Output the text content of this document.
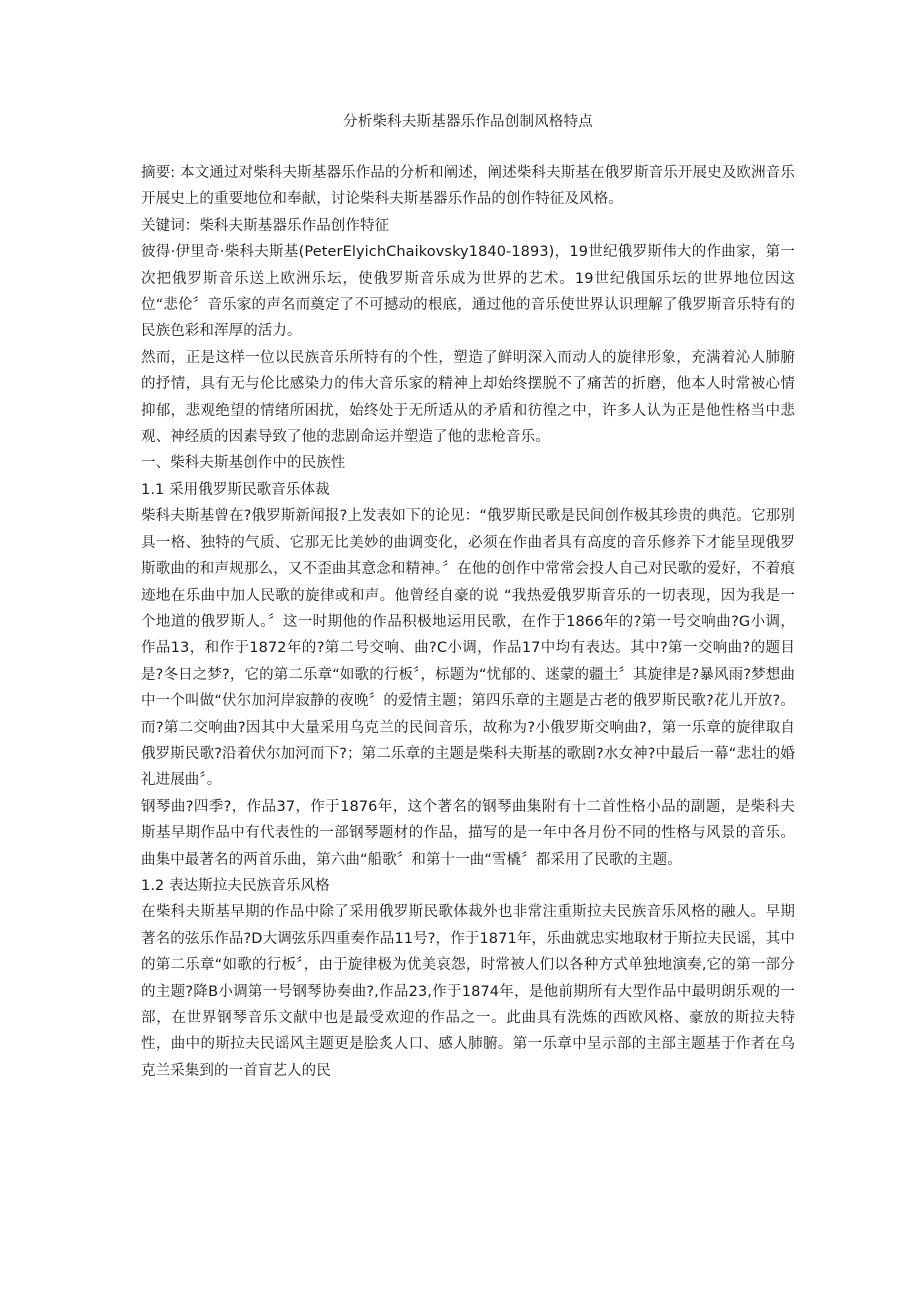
分析柴科夫斯基器乐作品创制风格特点

摘要: 本文通过对柴科夫斯基器乐作品的分析和阐述，阐述柴科夫斯基在俄罗斯音乐开展史及欧洲音乐开展史上的重要地位和奉献，讨论柴科夫斯基器乐作品的创作特征及风格。

关键词：柴科夫斯基器乐作品创作特征

彼得·伊里奇·柴科夫斯基(PeterElyichChaikovsky1840-1893)，19世纪俄罗斯伟大的作曲家，第一次把俄罗斯音乐送上欧洲乐坛，使俄罗斯音乐成为世界的艺术。19世纪俄国乐坛的世界地位因这位“悲伦〞音乐家的声名而奠定了不可撼动的根底，通过他的音乐使世界认识理解了俄罗斯音乐特有的民族色彩和浑厚的活力。

然而，正是这样一位以民族音乐所特有的个性，塑造了鲜明深入而动人的旋律形象，充满着沁人肺腑的抒情，具有无与伦比感染力的伟大音乐家的精神上却始终摆脱不了痛苦的折磨，他本人时常被心情抑郁，悲观绝望的情绪所困扰，始终处于无所适从的矛盾和彷徨之中，许多人认为正是他性格当中悲观、神经质的因素导致了他的悲剧命运并塑造了他的悲枪音乐。

一、柴科夫斯基创作中的民族性

1.1 采用俄罗斯民歌音乐体裁

柴科夫斯基曾在?俄罗斯新闻报?上发表如下的论见：“俄罗斯民歌是民间创作极其珍贵的典范。它那别具一格、独特的气质、它那无比美妙的曲调变化，必须在作曲者具有高度的音乐修养下才能呈现俄罗斯歌曲的和声规那么，又不歪曲其意念和精神。〞在他的创作中常常会投人自己对民歌的爱好，不着痕迹地在乐曲中加人民歌的旋律或和声。他曾经自豪的说 “我热爱俄罗斯音乐的一切表现，因为我是一个地道的俄罗斯人。〞这一时期他的作品积极地运用民歌，在作于1866年的?第一号交响曲?G小调，作品13，和作于1872年的?第二号交响、曲?C小调，作品17中均有表达。其中?第一交响曲?的题目是?冬日之梦?，它的第二乐章“如歌的行板〞，标题为“忧郁的、迷蒙的疆土〞其旋律是?暴风雨?梦想曲中一个叫做“伏尔加河岸寂静的夜晚〞的爱情主题；第四乐章的主题是古老的俄罗斯民歌?花儿开放?。而?第二交响曲?因其中大量采用乌克兰的民间音乐，故称为?小俄罗斯交响曲?，第一乐章的旋律取自俄罗斯民歌?沿着伏尔加河而下?；第二乐章的主题是柴科夫斯基的歌剧?水女神?中最后一幕“悲壮的婚礼进展曲〞。

钢琴曲?四季?，作品37，作于1876年，这个著名的钢琴曲集附有十二首性格小品的副题，是柴科夫斯基早期作品中有代表性的一部钢琴题材的作品，描写的是一年中各月份不同的性格与风景的音乐。曲集中最著名的两首乐曲，第六曲“船歌〞和第十一曲“雪橇〞都采用了民歌的主题。

1.2 表达斯拉夫民族音乐风格

在柴科夫斯基早期的作品中除了采用俄罗斯民歌体裁外也非常注重斯拉夫民族音乐风格的融人。早期著名的弦乐作品?D大调弦乐四重奏作品11号?，作于1871年，乐曲就忠实地取材于斯拉夫民谣，其中的第二乐章“如歌的行板〞，由于旋律极为优美哀怨，时常被人们以各种方式单独地演奏,它的第一部分的主题?降B小调第一号钢琴协奏曲?,作品23,作于1874年，是他前期所有大型作品中最明朗乐观的一部，在世界钢琴音乐文献中也是最受欢迎的作品之一。此曲具有洗炼的西欧风格、豪放的斯拉夫特性，曲中的斯拉夫民谣风主题更是脍炙人口、感人肺腑。第一乐章中呈示部的主部主题基于作者在乌克兰采集到的一首盲艺人的民
